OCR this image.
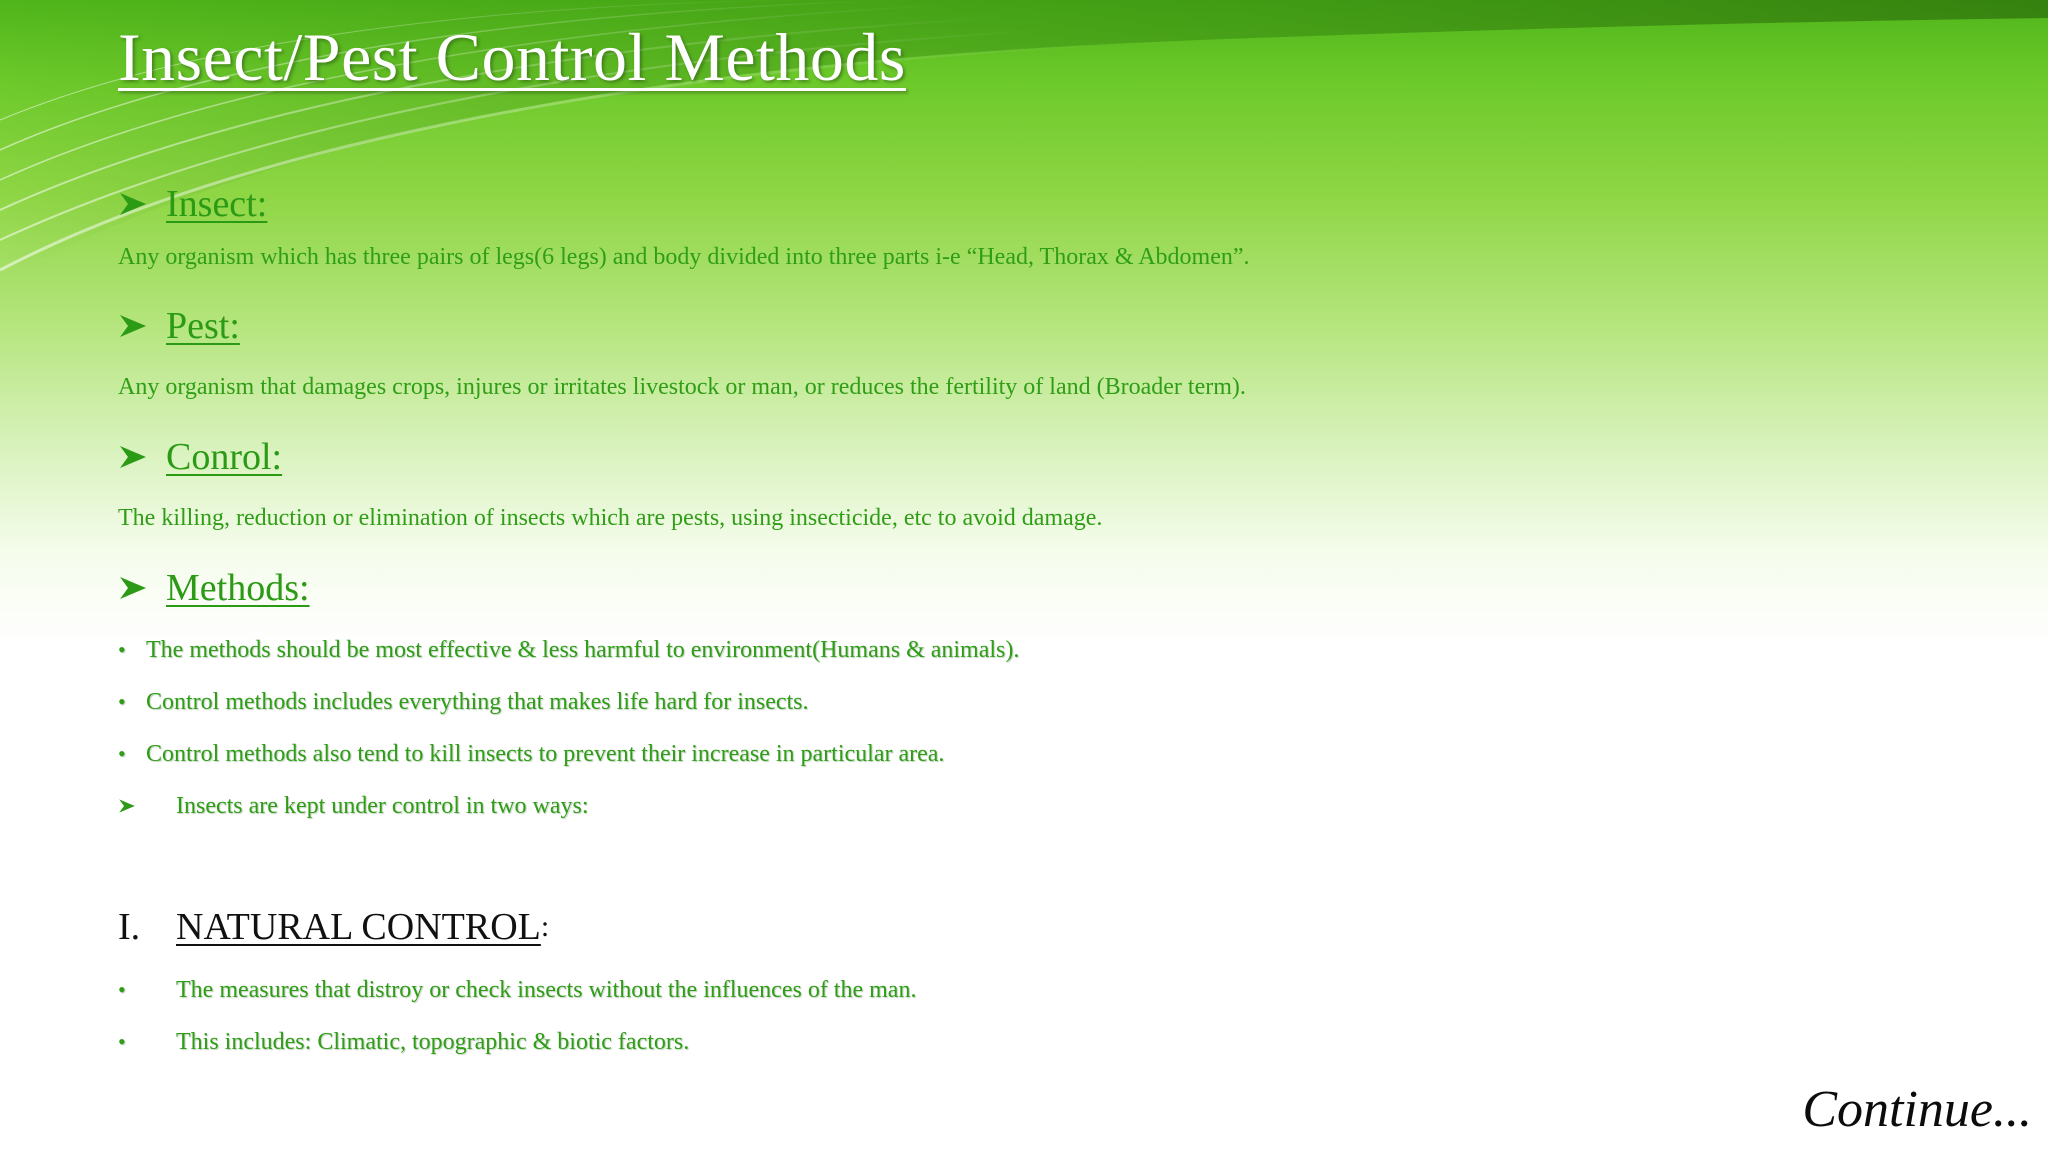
Insect/Pest Control Methods
Insect:

Any organism which has three pairs of legs(6 legs) and body divided into three parts i-e “Head, Thorax & Abdomen”.

Pest:

Any organism that damages crops, injures or irritates livestock or man, or reduces the fertility of land (Broader term).

Conrol:

The killing, reduction or elimination of insects which are pests, using insecticide, etc to avoid damage.

Methods:
• The methods should be most effective & less harmful to environment(Humans & animals).
• Control methods includes everything that makes life hard for insects.
• Control methods also tend to kill insects to prevent their increase in particular area.
Insects are kept under control in two ways:
I. NATURAL CONTROL :
•	The measures that distroy or check insects without the influences of the man.
•	This includes: Climatic, topographic & biotic factors.
Continue...
